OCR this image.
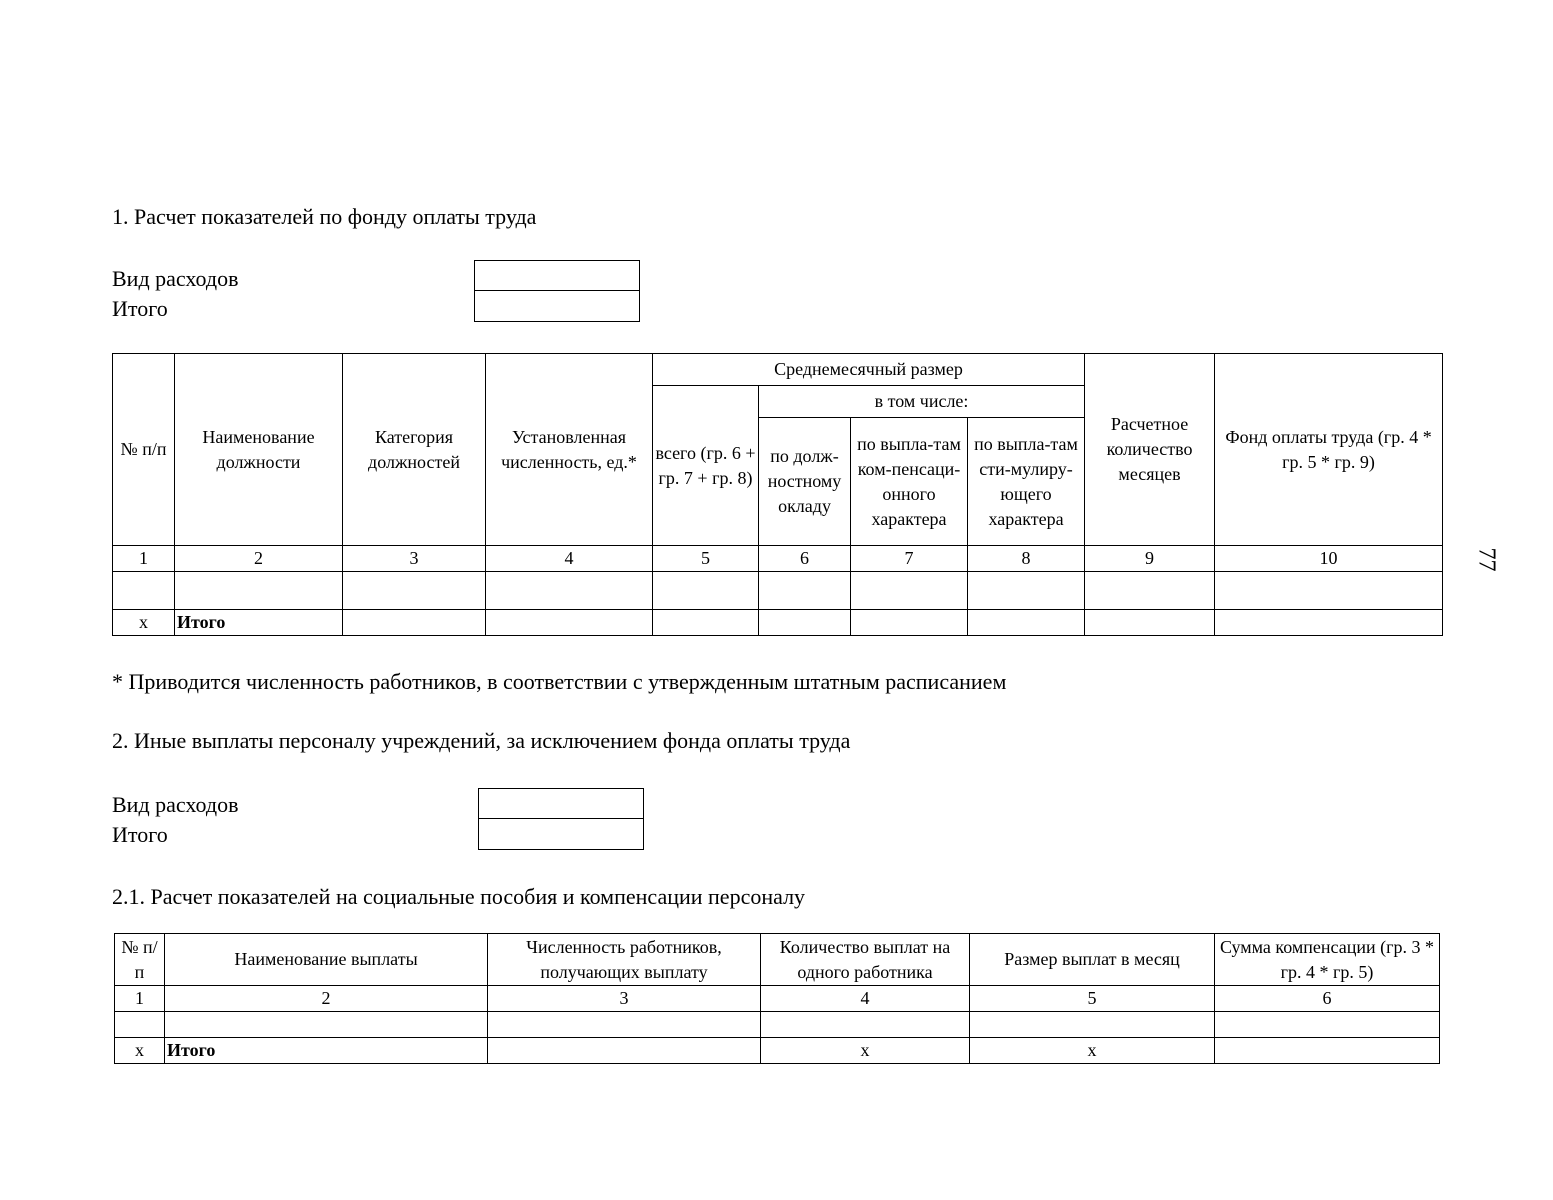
1. Расчет показателей по фонду оплаты труда
Вид расходов
Итого
№ п/п	Наименование должности	Категория должностей	Установленная численность, ед.*	Среднемесячный размер				Расчетное количество месяцев	Фонд оплаты труда (гр. 4 * гр. 5 * гр. 9)
				всего (гр. 6 + гр. 7 + гр. 8)	в том числе:				
					по долж-ностному окладу	по выпла-там ком-пенсаци-онного характера	по выпла-там сти-мулиру-ющего характера		
1	2	3	4	5	6	7	8	9	10

x	Итого								
* Приводится численность работников, в соответствии с утвержденным штатным расписанием
2. Иные выплаты персоналу учреждений, за исключением фонда оплаты труда
Вид расходов
Итого
2.1. Расчет показателей на социальные пособия и компенсации персоналу
№ п/п	Наименование выплаты	Численность работников, получающих выплату	Количество выплат на одного работника	Размер выплат в месяц	Сумма компенсации (гр. 3 * гр. 4 * гр. 5)
1	2	3	4	5	6

x	Итого		x	x	
77
